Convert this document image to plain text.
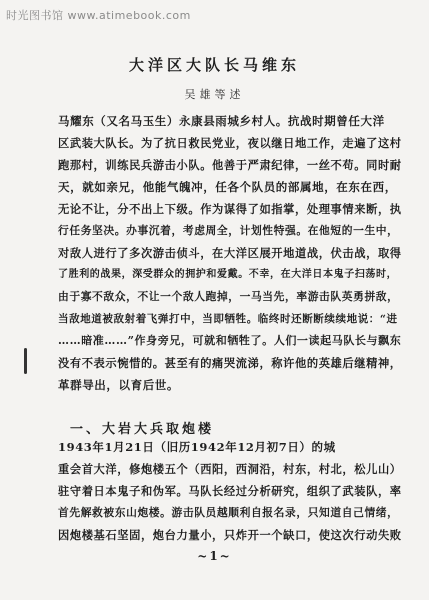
时光图书馆 www.atimebook.com
大洋区大队长马维东
吴雄等述
马耀东（又名马玉生）永康县雨城乡村人。抗战时期曾任大洋
区武装大队长。为了抗日救民党业，夜以继日地工作，走遍了这村
跑那村，训练民兵游击小队。他善于严肃纪律，一丝不苟。同时耐
天，就如亲兄，他能气魄冲，任各个队员的部属地，在东在西，
无论不让，分不出上下级。作为谋得了如指掌，处理事情来断，执
行任务坚决。办事沉着，考虑周全，计划性特强。在他短的一生中，
对敌人进行了多次游击侦斗，在大洋区展开地道战，伏击战，取得
了胜利的战果，深受群众的拥护和爱戴。不幸，在大洋日本鬼子扫荡时，
由于寡不敌众，不让一个敌人跑掉，一马当先，率游击队英勇拼敌，
当敌地道被敌射着飞弹打中，当即牺牲。临终时还断断续续地说：“进
……暗准……”作身旁兄，可就和牺牲了。人们一读起马队长与飘东
没有不表示惋惜的。甚至有的痛哭流涕，称许他的英雄后继精神，
革群导出，以育后世。
一、大岩大兵取炮楼
1943年1月21日（旧历1942年12月初7日）的城
重会首大洋，修炮楼五个（西阳，西洞沿，村东，村北，松儿山）
驻守着日本鬼子和伪军。马队长经过分析研究，组织了武装队，率
首先解救被东山炮楼。游击队员越顺利自报名录，只知道自己情绪，
因炮楼基石坚固，炮台力量小，只炸开一个缺口，使这次行动失败
~1~
